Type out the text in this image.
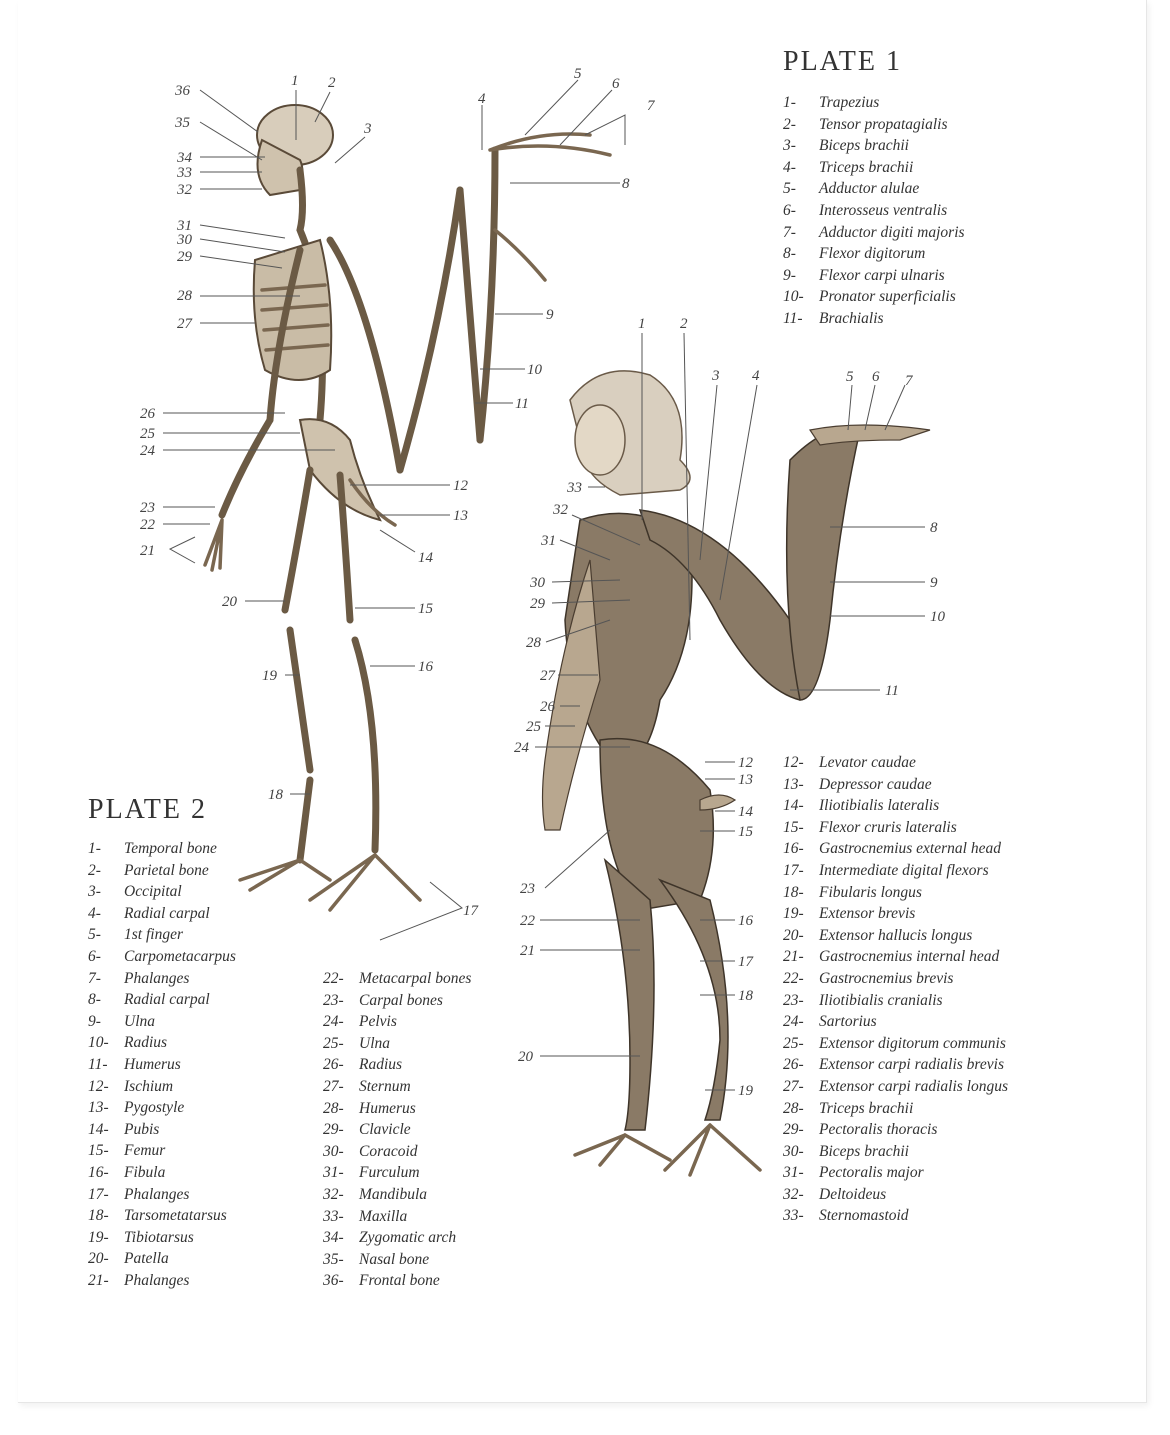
36
35
34
33
32
31
30
29
28
27
26
25
24
23
22
21
20
19
18
1 2
3
4
5
6
7
8
9
10
11
12
13
14
15
16
17
1 2
3 4	5 6 7
8
9
10
11
12
13
14
15
16
17
18
19
20
21
22
23
24
25
26
27
28
29
30
31
32
33
PLATE 1
1-	Trapezius
2-	Tensor propatagialis
3-	Biceps brachii
4-	Triceps brachii
5-	Adductor alulae
6-	Interosseus ventralis
7-	Adductor digiti majoris
8-	Flexor digitorum
9-	Flexor carpi ulnaris
10- Pronator superficialis
11-	Brachialis
12- Levator caudae
13- Depressor caudae
14- Iliotibialis lateralis
15- Flexor cruris lateralis
16- Gastrocnemius external head
17- Intermediate digital flexors
18- Fibularis longus
19- Extensor brevis
20- Extensor hallucis longus
21- Gastrocnemius internal head
22- Gastrocnemius brevis
23- Iliotibialis cranialis
24- Sartorius
25- Extensor digitorum communis
26- Extensor carpi radialis brevis
27- Extensor carpi radialis longus
28- Triceps brachii
29- Pectoralis thoracis
30- Biceps brachii
31- Pectoralis major
32- Deltoideus
33- Sternomastoid
PLATE 2
1-	Temporal bone
2-	Parietal bone
3-	Occipital
4-	Radial carpal
5-	1st finger
6-	Carpometacarpus
7-	Phalanges
8-	Radial carpal
9-	Ulna
10- Radius
11-	Humerus
12- Ischium
13- Pygostyle
14- Pubis
15- Femur
16- Fibula
17- Phalanges
18- Tarsometatarsus
19- Tibiotarsus
20- Patella
21- Phalanges
22- Metacarpal bones
23- Carpal bones
24- Pelvis
25- Ulna
26- Radius
27- Sternum
28- Humerus
29- Clavicle
30- Coracoid
31- Furculum
32- Mandibula
33- Maxilla
34- Zygomatic arch
35- Nasal bone
36- Frontal bone
